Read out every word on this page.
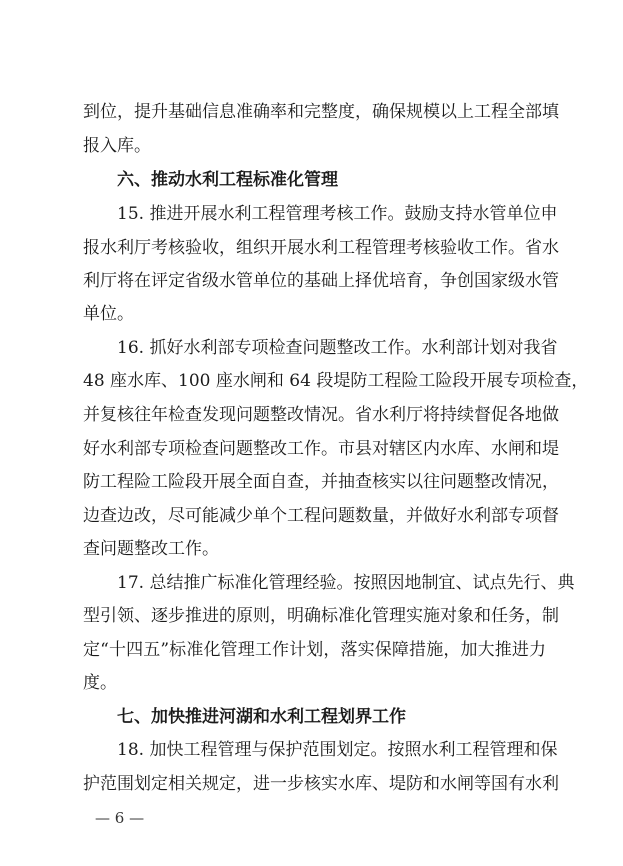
到位，提升基础信息准确率和完整度，确保规模以上工程全部填
报入库。
六、推动水利工程标准化管理
15. 推进开展水利工程管理考核工作。鼓励支持水管单位申
报水利厅考核验收，组织开展水利工程管理考核验收工作。省水
利厅将在评定省级水管单位的基础上择优培育，争创国家级水管
单位。
16. 抓好水利部专项检查问题整改工作。水利部计划对我省
48 座水库、100 座水闸和 64 段堤防工程险工险段开展专项检查，
并复核往年检查发现问题整改情况。省水利厅将持续督促各地做
好水利部专项检查问题整改工作。市县对辖区内水库、水闸和堤
防工程险工险段开展全面自查，并抽查核实以往问题整改情况，
边查边改，尽可能减少单个工程问题数量，并做好水利部专项督
查问题整改工作。
17. 总结推广标准化管理经验。按照因地制宜、试点先行、典
型引领、逐步推进的原则，明确标准化管理实施对象和任务，制
定“十四五”标准化管理工作计划，落实保障措施，加大推进力
度。
七、加快推进河湖和水利工程划界工作
18. 加快工程管理与保护范围划定。按照水利工程管理和保
护范围划定相关规定，进一步核实水库、堤防和水闸等国有水利
— 6 —
